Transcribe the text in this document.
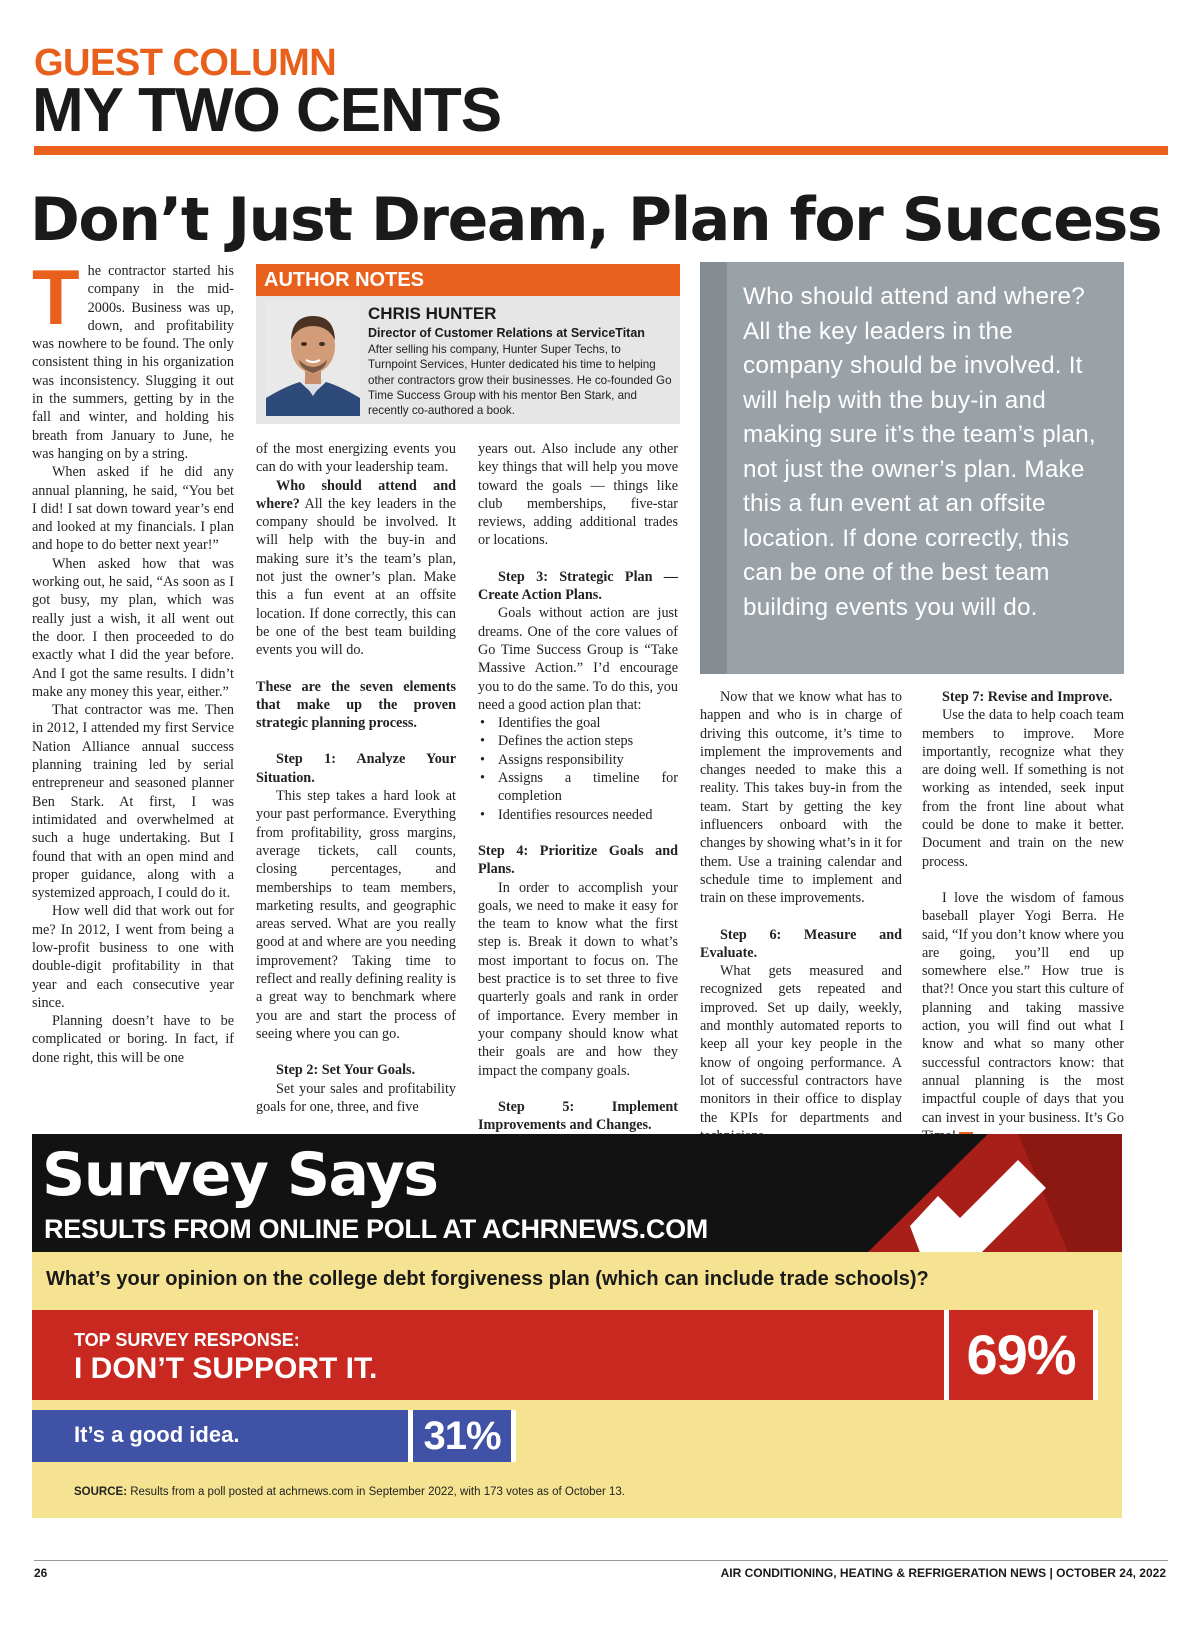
GUEST COLUMN
MY TWO CENTS
Don’t Just Dream, Plan for Success
T he contractor started his company in the mid-2000s. Business was up, down, and profitability was nowhere to be found. The only consistent thing in his organization was inconsistency. Slugging it out in the summers, getting by in the fall and winter, and holding his breath from January to June, he was hanging on by a string.

When asked if he did any annual planning, he said, “You bet I did! I sat down toward year’s end and looked at my financials. I plan and hope to do better next year!”

When asked how that was working out, he said, “As soon as I got busy, my plan, which was really just a wish, it all went out the door. I then proceeded to do exactly what I did the year before. And I got the same results. I didn’t make any money this year, either.”

That contractor was me. Then in 2012, I attended my first Service Nation Alliance annual success planning training led by serial entrepreneur and seasoned planner Ben Stark. At first, I was intimidated and overwhelmed at such a huge undertaking. But I found that with an open mind and proper guidance, along with a systemized approach, I could do it.

How well did that work out for me? In 2012, I went from being a low-profit business to one with double-digit profitability in that year and each consecutive year since.

Planning doesn’t have to be complicated or boring. In fact, if done right, this will be one

AUTHOR NOTES
CHRIS HUNTER
Director of Customer Relations at ServiceTitan
After selling his company, Hunter Super Techs, to Turnpoint Services, Hunter dedicated his time to helping other contractors grow their businesses. He co-founded Go Time Success Group with his mentor Ben Stark, and recently co-authored a book.

of the most energizing events you can do with your leadership team.

Who should attend and where? All the key leaders in the company should be involved. It will help with the buy-in and making sure it’s the team’s plan, not just the owner’s plan. Make this a fun event at an offsite location. If done correctly, this can be one of the best team building events you will do.

These are the seven elements that make up the proven strategic planning process.

Step 1: Analyze Your Situation.

This step takes a hard look at your past performance. Everything from profitability, gross margins, average tickets, call counts, closing percentages, and memberships to team members, marketing results, and geographic areas served. What are you really good at and where are you needing improvement? Taking time to reflect and really defining reality is a great way to benchmark where you are and start the process of seeing where you can go.

Step 2: Set Your Goals.

Set your sales and profitability goals for one, three, and five

years out. Also include any other key things that will help you move toward the goals — things like club memberships, five-star reviews, adding additional trades or locations.

Step 3: Strategic Plan — Create Action Plans.

Goals without action are just dreams. One of the core values of Go Time Success Group is “Take Massive Action.” I’d encourage you to do the same. To do this, you need a good action plan that:

• Identifies the goal
• Defines the action steps
• Assigns responsibility
• Assigns a timeline for completion
• Identifies resources needed

Step 4: Prioritize Goals and Plans.

In order to accomplish your goals, we need to make it easy for the team to know what the first step is. Break it down to what’s most important to focus on. The best practice is to set three to five quarterly goals and rank in order of importance. Every member in your company should know what their goals are and how they impact the company goals.

Step 5: Implement Improvements and Changes.

Who should attend and where? All the key leaders in the company should be involved. It will help with the buy-in and making sure it’s the team’s plan, not just the owner’s plan. Make this a fun event at an offsite location. If done correctly, this can be one of the best team building events you will do.

Now that we know what has to happen and who is in charge of driving this outcome, it’s time to implement the improvements and changes needed to make this a reality. This takes buy-in from the team. Start by getting the key influencers onboard with the changes by showing what’s in it for them. Use a training calendar and schedule time to implement and train on these improvements.

Step 6: Measure and Evaluate.

What gets measured and recognized gets repeated and improved. Set up daily, weekly, and monthly automated reports to keep all your key people in the know of ongoing performance. A lot of successful contractors have monitors in their office to display the KPIs for departments and

Step 7: Revise and Improve.

Use the data to help coach team members to improve. More importantly, recognize what they are doing well. If something is not working as intended, seek input from the front line about what could be done to make it better. Document and train on the new process.

I love the wisdom of famous baseball player Yogi Berra. He said, “If you don’t know where you are going, you’ll end up somewhere else.” How true is that?! Once you start this culture of planning and taking massive action, you will find out what I know and what so many other successful contractors know: that annual planning is the most impactful couple of days that you can invest in your business. It’s Go

Survey Says
RESULTS FROM ONLINE POLL AT ACHRNEWS.COM
What’s your opinion on the college debt forgiveness plan (which can include trade schools)?
TOP SURVEY RESPONSE:
I DON’T SUPPORT IT.	69%
It’s a good idea.	31%
SOURCE: Results from a poll posted at achrnews.com in September 2022, with 173 votes as of October 13.
26	AIR CONDITIONING, HEATING & REFRIGERATION NEWS | OCTOBER 24, 2022
